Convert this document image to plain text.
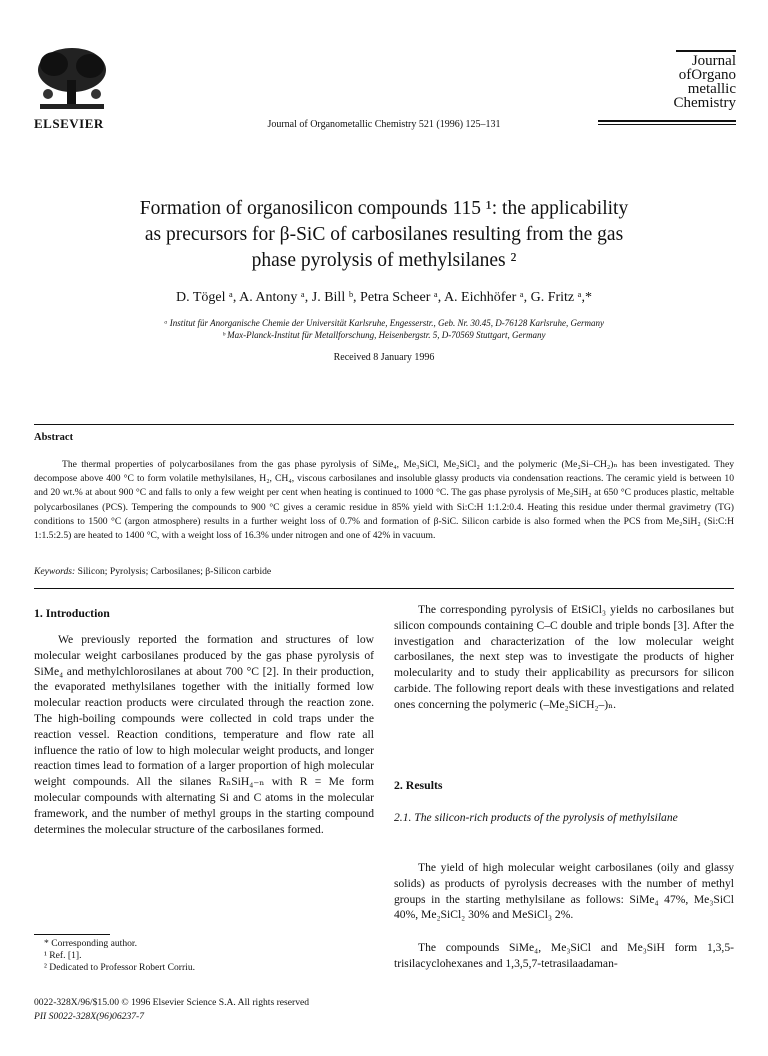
ELSEVIER	Journal of Organometallic Chemistry 521 (1996) 125–131
Journal
ofOrgano
metallic
Chemistry
Formation of organosilicon compounds 115 ¹: the applicability
as precursors for β-SiC of carbosilanes resulting from the gas
phase pyrolysis of methylsilanes ²
D. Tögel ᵃ, A. Antony ᵃ, J. Bill ᵇ, Petra Scheer ᵃ, A. Eichhöfer ᵃ, G. Fritz ᵃ,*
ᵃ Institut für Anorganische Chemie der Universität Karlsruhe, Engesserstr., Geb. Nr. 30.45, D-76128 Karlsruhe, Germany
ᵇ Max-Planck-Institut für Metallforschung, Heisenbergstr. 5, D-70569 Stuttgart, Germany
Received 8 January 1996
Abstract
The thermal properties of polycarbosilanes from the gas phase pyrolysis of SiMe₄, Me₃SiCl, Me₂SiCl₂ and the polymeric (Me₂Si–CH₂)ₙ has been investigated. They decompose above 400 °C to form volatile methylsilanes, H₂, CH₄, viscous carbosilanes and insoluble glassy products via condensation reactions. The ceramic yield is between 10 and 20 wt.% at about 900 °C and falls to only a few weight per cent when heating is continued to 1000 °C. The gas phase pyrolysis of Me₂SiH₂ at 650 °C produces plastic, meltable polycarbosilanes (PCS). Tempering the compounds to 900 °C gives a ceramic residue in 85% yield with Si:C:H 1:1.2:0.4. Heating this residue under thermal gravimetry (TG) conditions to 1500 °C (argon atmosphere) results in a further weight loss of 0.7% and formation of β-SiC. Silicon carbide is also formed when the PCS from Me₂SiH₂ (Si:C:H 1:1.5:2.5) are heated to 1400 °C, with a weight loss of 16.3% under nitrogen and one of 42% in vacuum.
Keywords: Silicon; Pyrolysis; Carbosilanes; β-Silicon carbide
1. Introduction
We previously reported the formation and structures of low molecular weight carbosilanes produced by the gas phase pyrolysis of SiMe₄ and methylchlorosilanes at about 700 °C [2]. In their production, the evaporated methylsilanes together with the initially formed low molecular reaction products were circulated through the reaction zone. The high-boiling compounds were collected in cold traps under the reaction vessel. Reaction conditions, temperature and flow rate all influence the ratio of low to high molecular weight products, and longer reaction times lead to formation of a larger proportion of high molecular weight compounds. All the silanes RₙSiH₄₋ₙ with R = Me form molecular compounds with alternating Si and C atoms in the molecular framework, and the number of methyl groups in the starting compound determines the molecular structure of the carbosilanes formed.
* Corresponding author.
¹ Ref. [1].
² Dedicated to Professor Robert Corriu.
The corresponding pyrolysis of EtSiCl₃ yields no carbosilanes but silicon compounds containing C–C double and triple bonds [3]. After the investigation and characterization of the low molecular weight carbosilanes, the next step was to investigate the products of higher molecularity and to study their applicability as precursors for silicon carbide. The following report deals with these investigations and related ones concerning the polymeric (–Me₂SiCH₂–)ₙ.
2. Results
2.1. The silicon-rich products of the pyrolysis of methylsilane
The yield of high molecular weight carbosilanes (oily and glassy solids) as products of pyrolysis decreases with the number of methyl groups in the starting methylsilane as follows: SiMe₄ 47%, Me₃SiCl 40%, Me₂SiCl₂ 30% and MeSiCl₃ 2%.
The compounds SiMe₄, Me₃SiCl and Me₃SiH form 1,3,5-trisilacyclohexanes and 1,3,5,7-tetrasilaadaman-
0022-328X/96/$15.00 © 1996 Elsevier Science S.A. All rights reserved
PII S0022-328X(96)06237-7
